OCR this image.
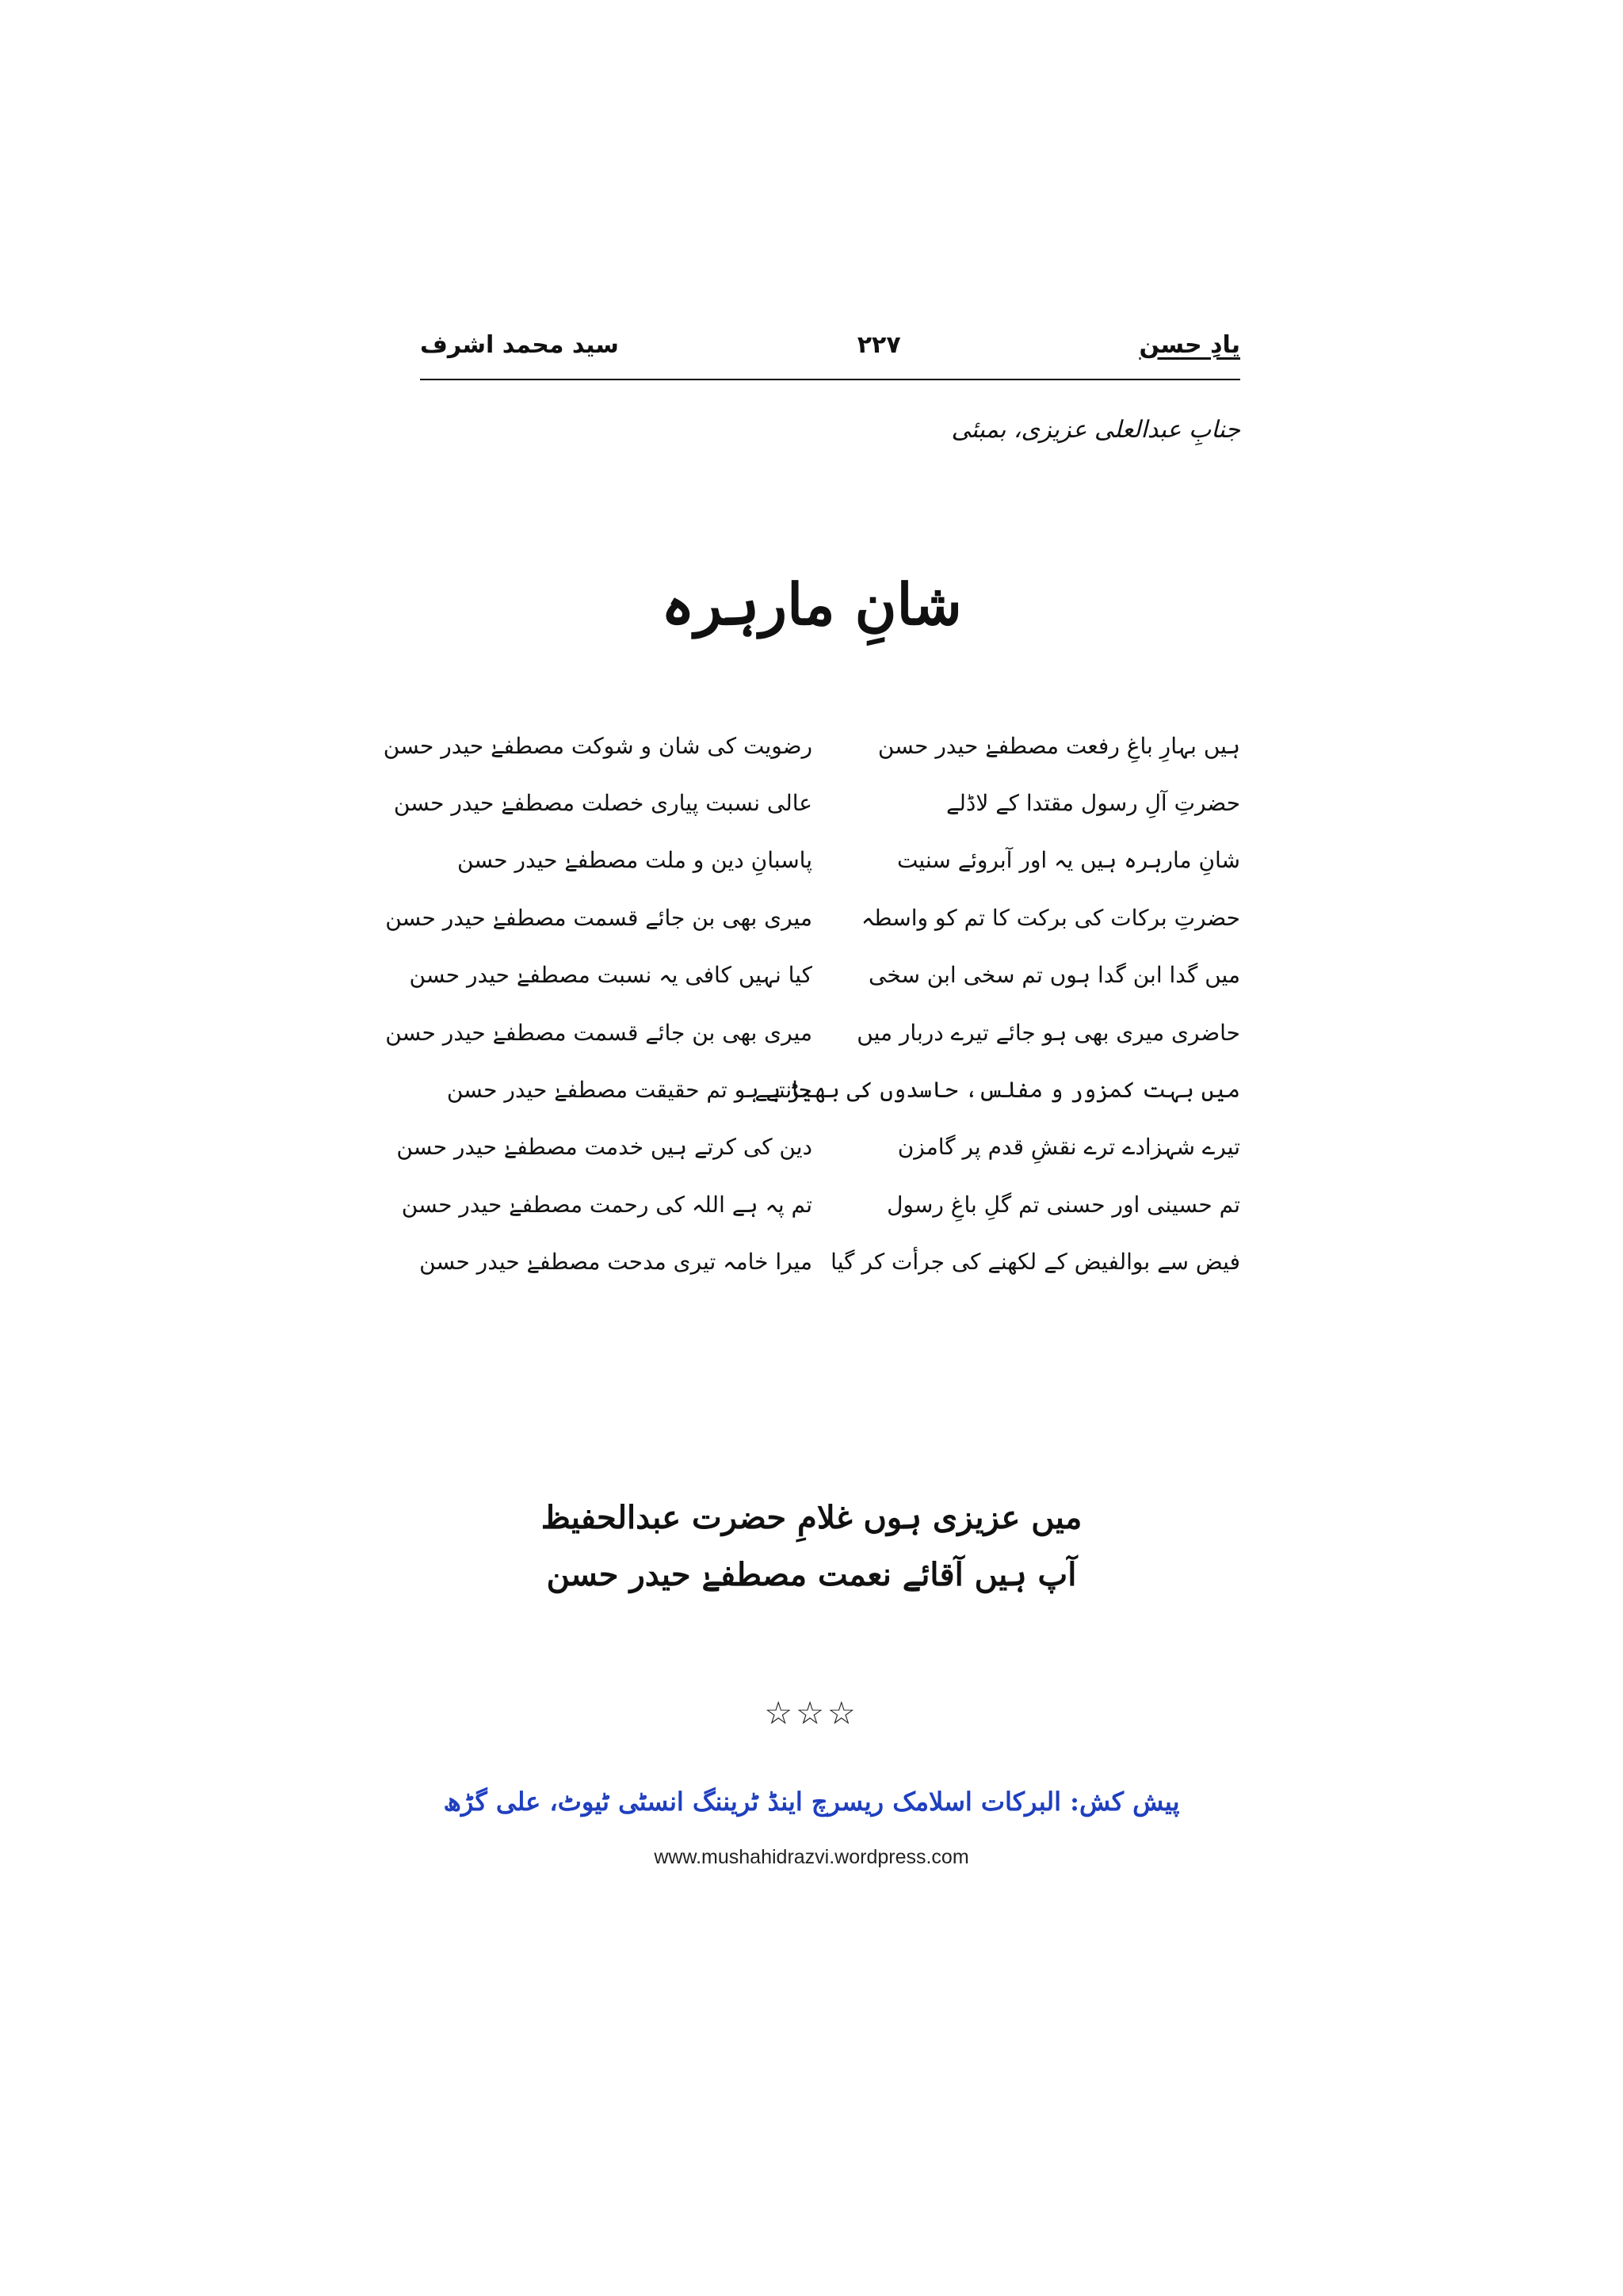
یادِ حسن
۲۲۷
سید محمد اشرف
جنابِ عبدالعلی عزیزی، بمبئی
شانِ مارہرہ
ہیں بہارِ باغِ رفعت مصطفےٰ حیدر حسن
رضویت کی شان و شوکت مصطفےٰ حیدر حسن
حضرتِ آلِ رسول مقتدا کے لاڈلے
عالی نسبت پیاری خصلت مصطفےٰ حیدر حسن
شانِ مارہرہ ہیں یہ اور آبروئے سنیت
پاسبانِ دین و ملت مصطفےٰ حیدر حسن
حضرتِ برکات کی برکت کا تم کو واسطہ
میری بھی بن جائے قسمت مصطفےٰ حیدر حسن
میں گدا ابن گدا ہوں تم سخی ابن سخی
کیا نہیں کافی یہ نسبت مصطفےٰ حیدر حسن
حاضری میری بھی ہو جائے تیرے دربار میں
میری بھی بن جائے قسمت مصطفےٰ حیدر حسن
میں بہت کمزور و مفلس، حاسدوں کی بھیڑ ہے
جانتے ہو تم حقیقت مصطفےٰ حیدر حسن
تیرے شہزادے ترے نقشِ قدم پر گامزن
دین کی کرتے ہیں خدمت مصطفےٰ حیدر حسن
تم حسینی اور حسنی تم گلِ باغِ رسول
تم پہ ہے اللہ کی رحمت مصطفےٰ حیدر حسن
فیض سے بوالفیض کے لکھنے کی جرأت کر گیا
میرا خامہ تیری مدحت مصطفےٰ حیدر حسن
میں عزیزی ہوں غلامِ حضرت عبدالحفیظ
آپ ہیں آقائے نعمت مصطفےٰ حیدر حسن
☆☆☆
پیش کش: البرکات اسلامک ریسرچ اینڈ ٹریننگ انسٹی ٹیوٹ، علی گڑھ
www.mushahidrazvi.wordpress.com
